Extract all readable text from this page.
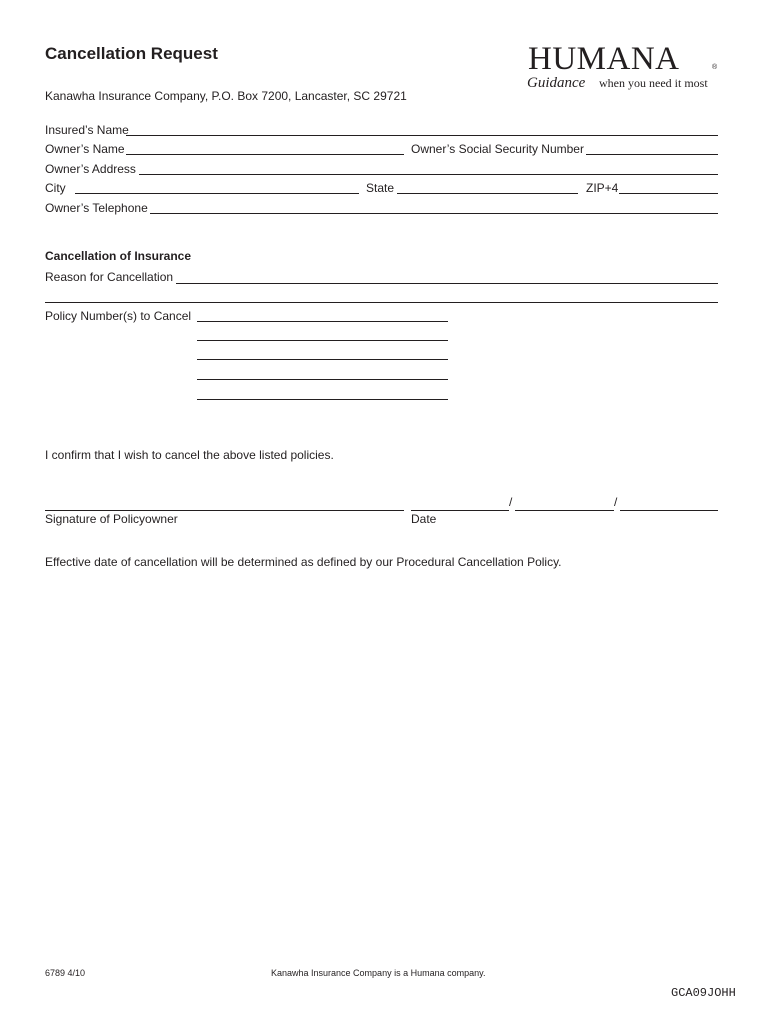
Cancellation Request
Kanawha Insurance Company, P.O. Box 7200, Lancaster, SC 29721
HUMANA	®
Guidance when you need it most
Insured’s Name
Owner’s Name	Owner’s Social Security Number
Owner’s Address
City	State	ZIP+4
Owner’s Telephone
Cancellation of Insurance
Reason for Cancellation
Policy Number(s) to Cancel
I confirm that I wish to cancel the above listed policies.
/	/
Signature of Policyowner	Date
Effective date of cancellation will be determined as defined by our Procedural Cancellation Policy.
6789 4/10	Kanawha Insurance Company is a Humana company.
GCA09JOHH
